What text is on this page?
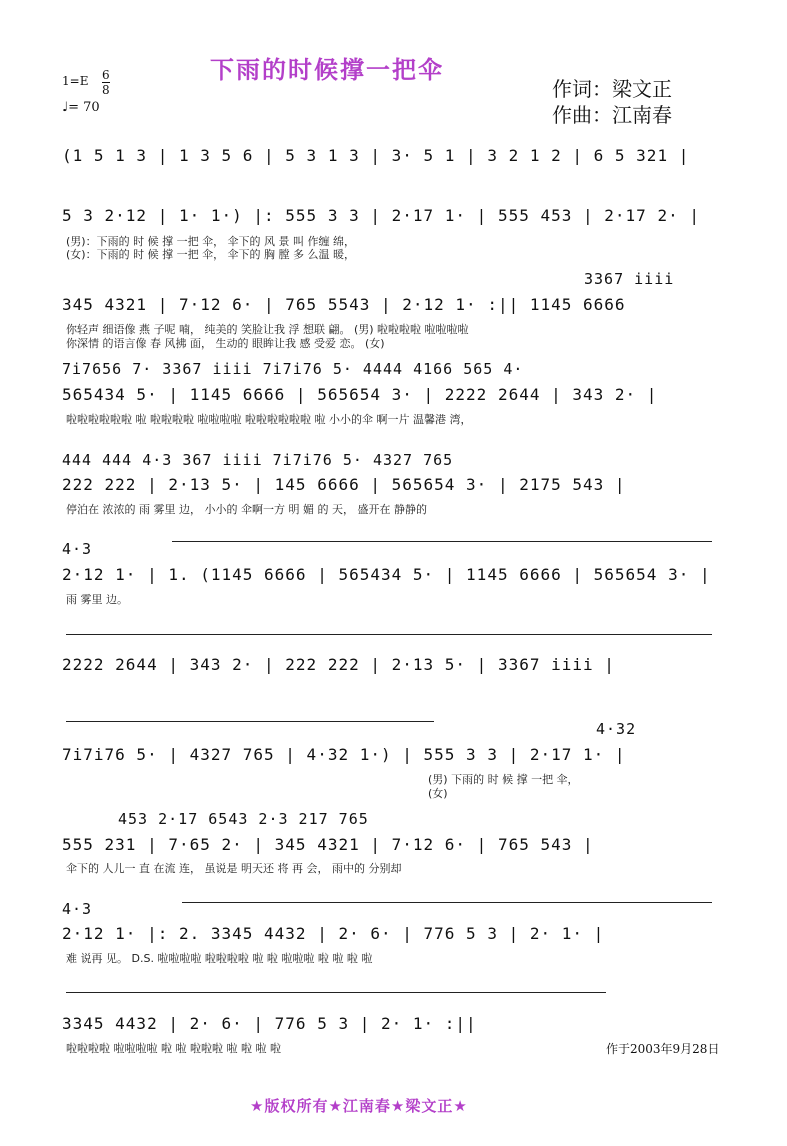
下雨的时候撑一把伞
作词：梁文正
作曲：江南春
$1=E \frac{6}{8}$
♩= 70
(1 5 1 3 | 1 3 5 6 | 5 3 1 3 | 3· 5 1 | 3 2 1 2 | 6 5 321 |
5 3 2·12 | 1· 1·) |: 555 3 3 | 2·17 1· | 555 453 | 2·17 2· |
(男)：下雨的 时 候 撑 一把 伞， 伞下的 风 景 叫 作缠 绵，
(女)：下雨的 时 候 撑 一把 伞， 伞下的 胸 膛 多 么温 暖，
3367 iiii
345 4321 | 7·12 6· | 765 5543 | 2·12 1· :|| 1145 6666
你轻声 细语像 燕 子呢 喃， 纯美的 笑脸让我 浮 想联 翩。 (男) 啦啦啦啦 啦啦啦啦
你深情 的语言像 春 风拂 面， 生动的 眼眸让我 感 受爱 恋。 (女)
7i7656 7· 3367 iiii 7i7i76 5· 4444 4166 565 4·
565434 5· | 1145 6666 | 565654 3· | 2222 2644 | 343 2· |
啦啦啦啦啦啦 啦 啦啦啦啦 啦啦啦啦 啦啦啦啦啦啦 啦 小小的伞 啊一片 温馨港 湾，
444 444 4·3 367 iiii 7i7i76 5· 4327 765
222 222 | 2·13 5· | 145 6666 | 565654 3· | 2175 543 |
停泊在 浓浓的 雨 雾里 边， 小小的 伞啊一方 明 媚 的 天， 盛开在 静静的
4·3
2·12 1· | 1. (1145 6666 | 565434 5· | 1145 6666 | 565654 3· |
雨 雾里 边。
2222 2644 | 343 2· | 222 222 | 2·13 5· | 3367 iiii |
4·32
7i7i76 5· | 4327 765 | 4·32 1·) | 555 3 3 | 2·17 1· |
(男) 下雨的 时 候 撑 一把 伞，
(女)
453 2·17 6543 2·3 217 765
555 231 | 7·65 2· | 345 4321 | 7·12 6· | 765 543 |
伞下的 人儿一 直 在流 连， 虽说是 明天还 将 再 会， 雨中的 分别却
4·3
2·12 1· |: 2. 3345 4432 | 2· 6· | 776 5 3 | 2· 1· |
难 说再 见。 D.S. 啦啦啦啦 啦啦啦啦 啦 啦 啦啦啦 啦 啦 啦 啦
3345 4432 | 2· 6· | 776 5 3 | 2· 1· :||
啦啦啦啦 啦啦啦啦 啦 啦 啦啦啦 啦 啦 啦 啦	作于2003年9月28日
★版权所有★江南春★梁文正★
